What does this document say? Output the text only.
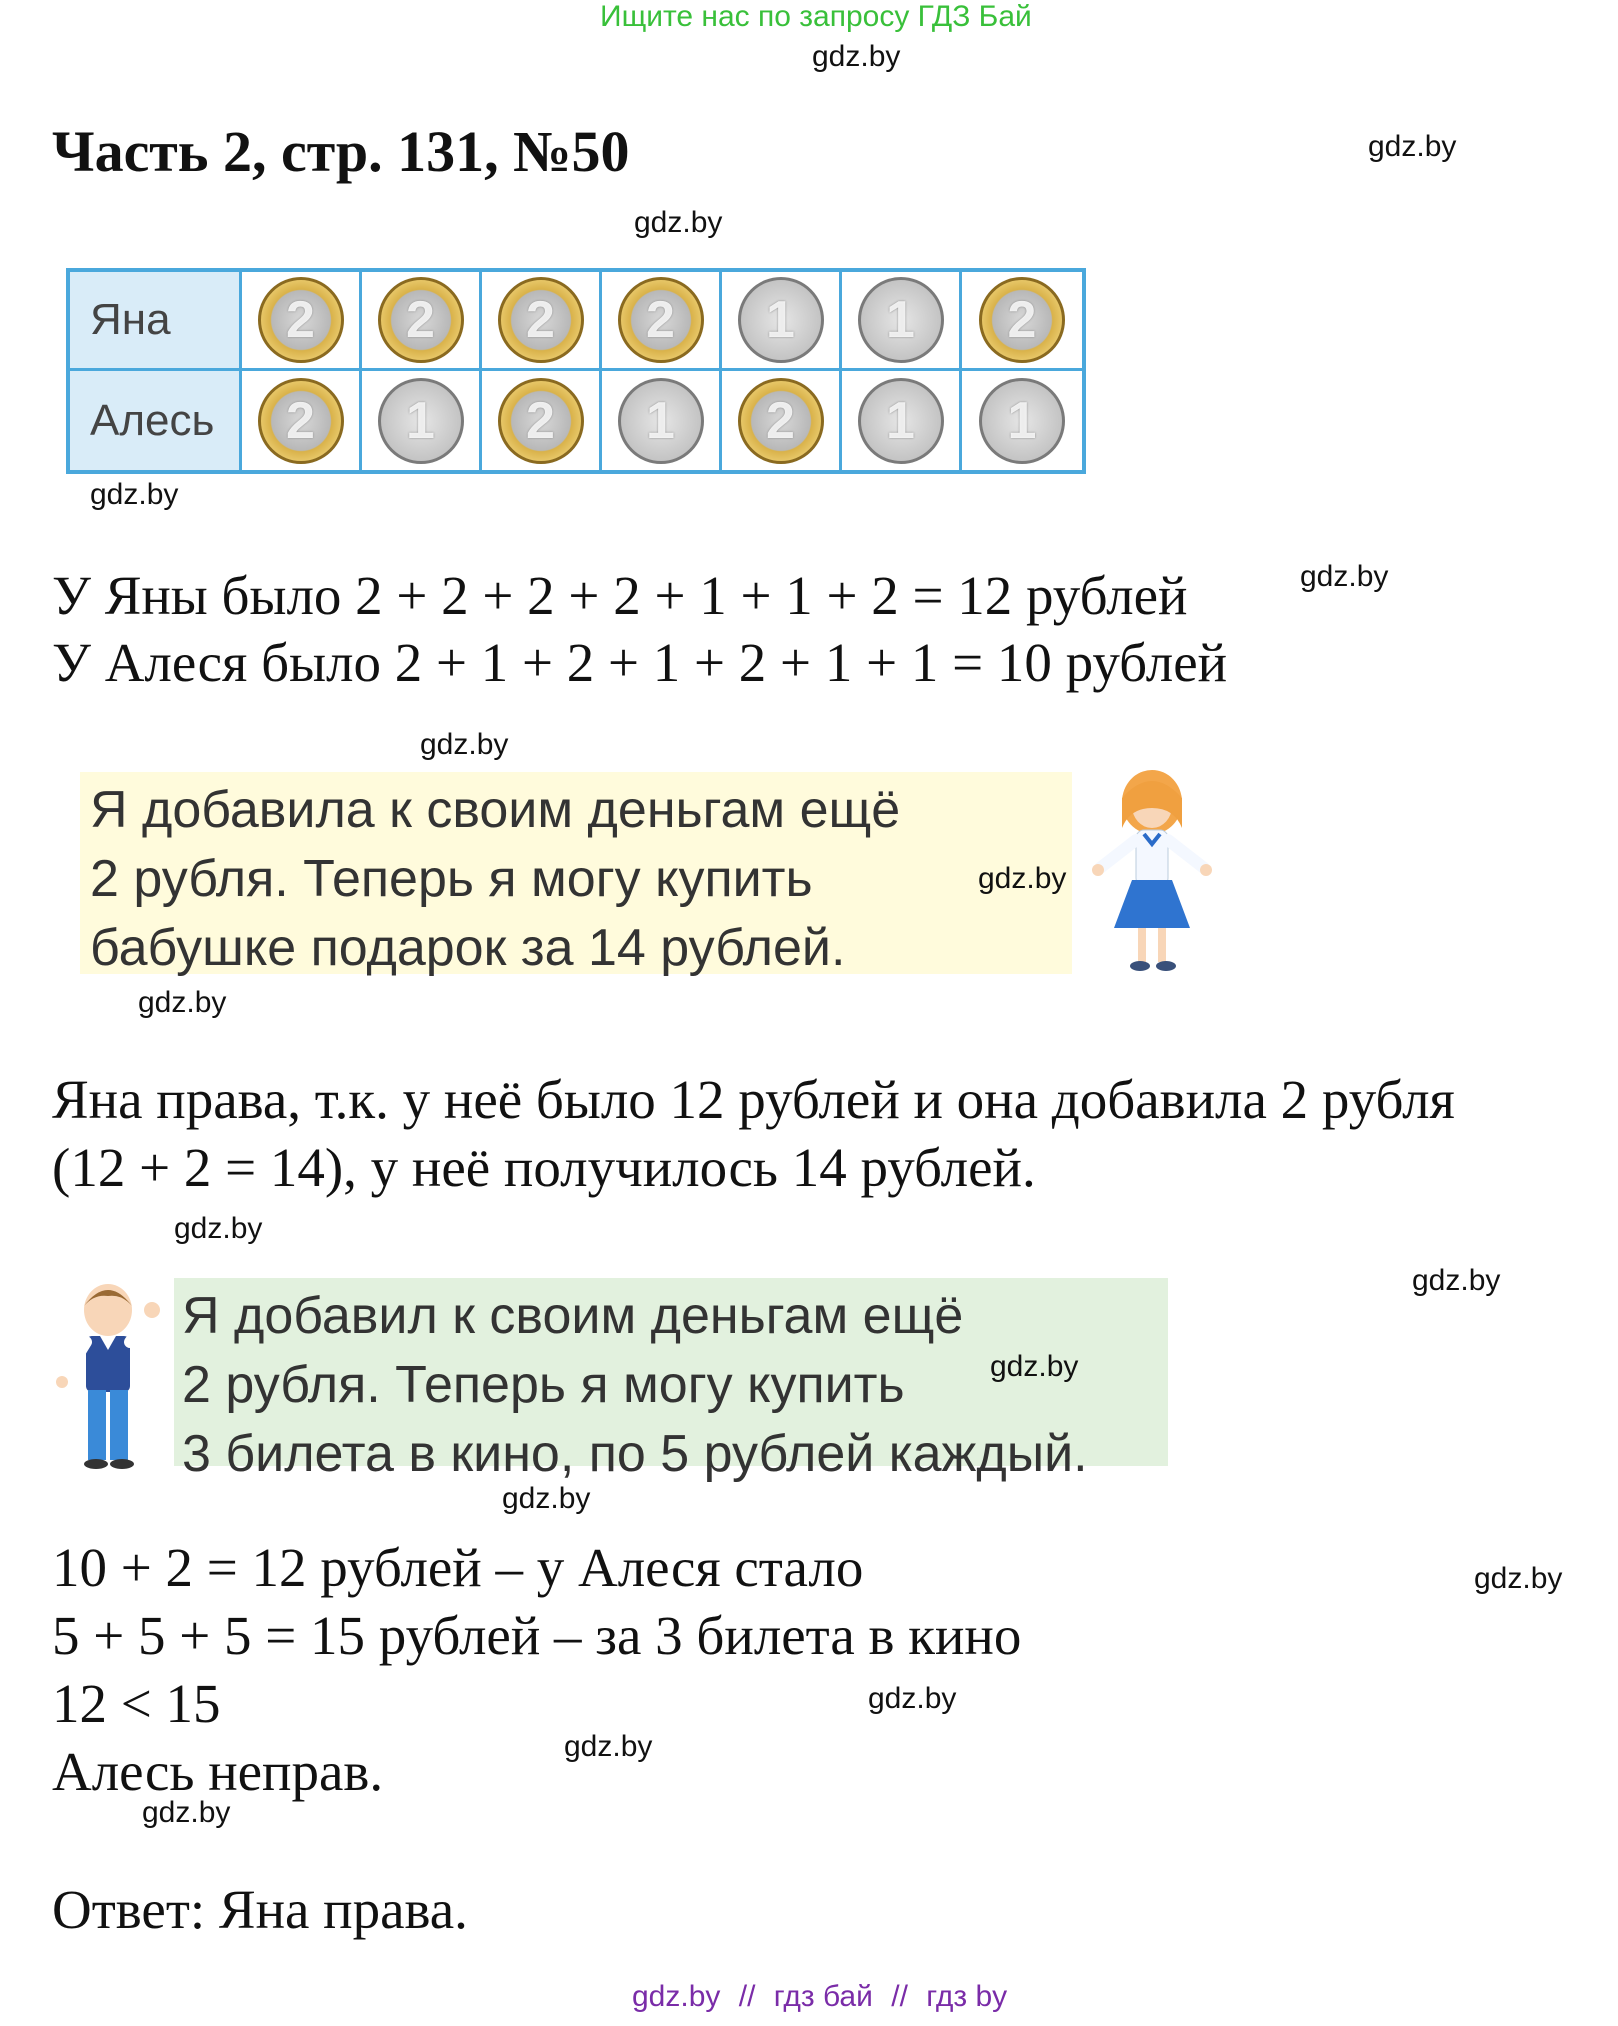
Ищите нас по запросу ГДЗ Бай
gdz.by
Часть 2, стр. 131, №50	gdz.by
gdz.by
Яна	2 2 2 2 1 1 2
Алесь	2 1 2 1 2 1 1
gdz.by
У Яны было 2 + 2 + 2 + 2 + 1 + 1 + 2 = 12 рублей	gdz.by
У Алеся было 2 + 1 + 2 + 1 + 2 + 1 + 1 = 10 рублей
gdz.by
Я добавила к своим деньгам ещё
2 рубля. Теперь я могу купить
бабушке подарок за 14 рублей.
gdz.by
gdz.by
Яна права, т.к. у неё было 12 рублей и она добавила 2 рубля
(12 + 2 = 14), у неё получилось 14 рублей.
gdz.by
gdz.by
Я добавил к своим деньгам ещё
2 рубля. Теперь я могу купить
3 билета в кино, по 5 рублей каждый.
gdz.by
gdz.by
10 + 2 = 12 рублей – у Алеся стало	gdz.by
5 + 5 + 5 = 15 рублей – за 3 билета в кино
12 < 15	gdz.by
gdz.by
Алесь неправ.
gdz.by
Ответ: Яна права.
gdz.by // гдз бай // гдз by
